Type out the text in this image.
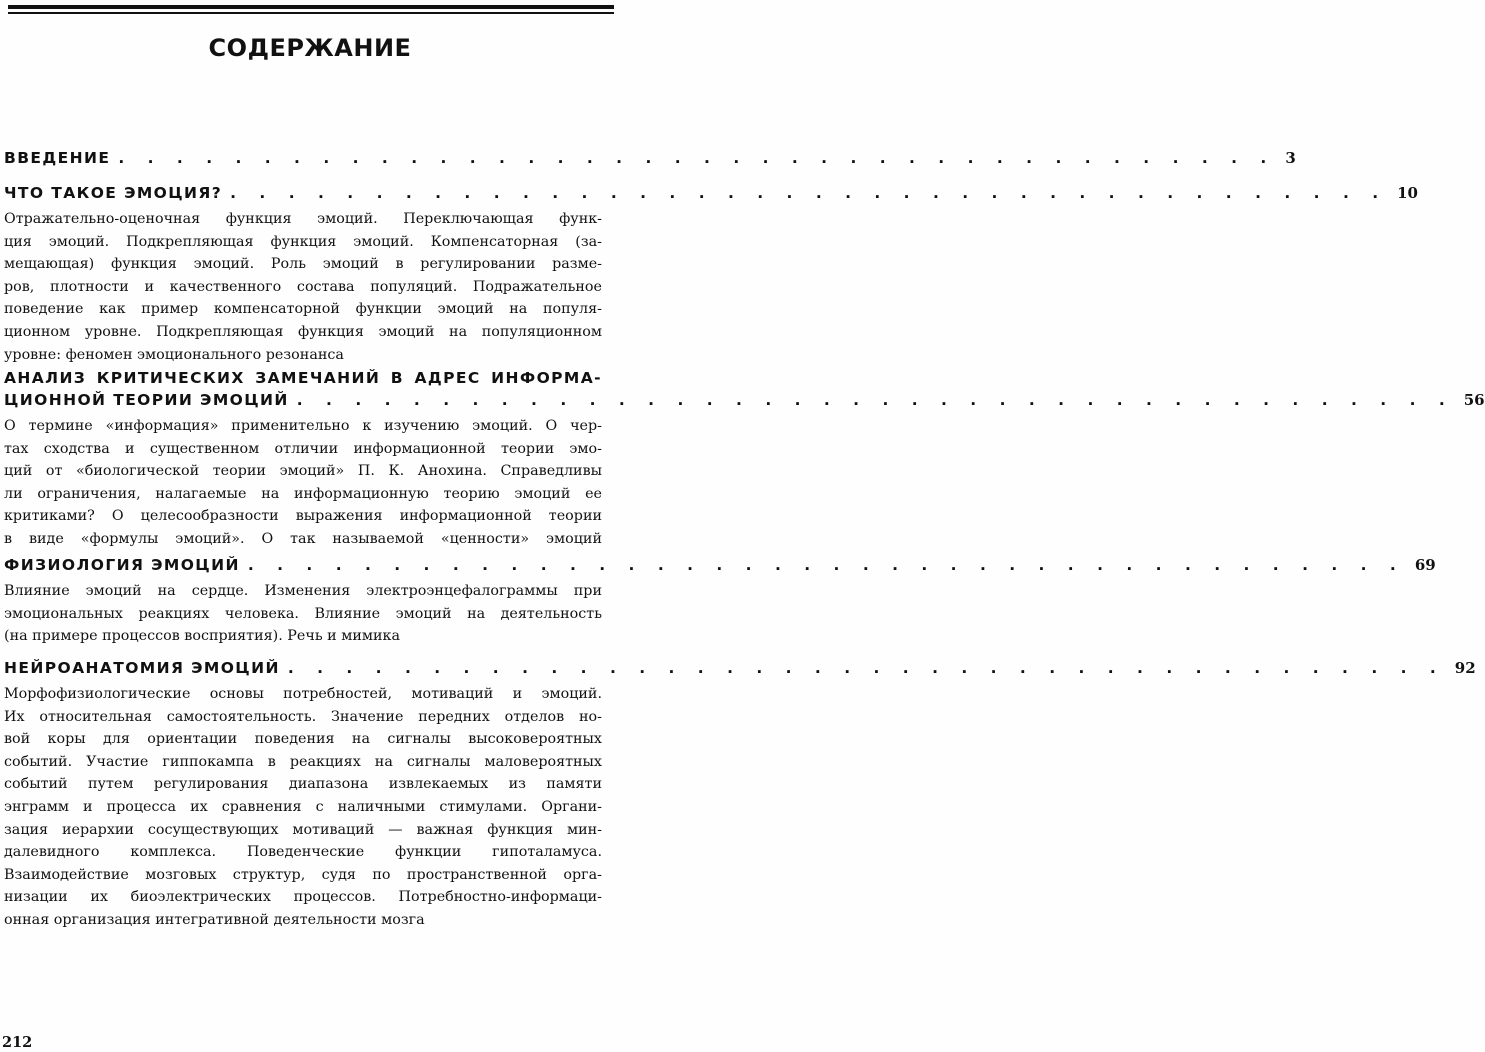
СОДЕРЖАНИЕ
ВВЕДЕНИЕ . . . . . . . . . . . . . . . . . . . . . . . . . . . . . . . . . . . . . . . . 3
ЧТО ТАКОЕ ЭМОЦИЯ? . . . . . . . . . . . . . . . . . . . . . . . . . . . . . . . . . . . . . . . . 10
Отражательно-оценочная функция эмоций. Переключающая функ-
ция эмоций. Подкрепляющая функция эмоций. Компенсаторная (за-
мещающая) функция эмоций. Роль эмоций в регулировании разме-
ров, плотности и качественного состава популяций. Подражательное
поведение как пример компенсаторной функции эмоций на популя-
ционном уровне. Подкрепляющая функция эмоций на популяционном
уровне: феномен эмоционального резонанса
АНАЛИЗ КРИТИЧЕСКИХ ЗАМЕЧАНИЙ В АДРЕС ИНФОРМА-
ЦИОННОЙ ТЕОРИИ ЭМОЦИЙ . . . . . . . . . . . . . . . . . . . . . . . . . . . . . . . . . . . . . . . . 56
О термине «информация» применительно к изучению эмоций. О чер-
тах сходства и существенном отличии информационной теории эмо-
ций от «биологической теории эмоций» П. К. Анохина. Справедливы
ли ограничения, налагаемые на информационную теорию эмоций ее
критиками? О целесообразности выражения информационной теории
в виде «формулы эмоций». О так называемой «ценности» эмоций
ФИЗИОЛОГИЯ ЭМОЦИЙ . . . . . . . . . . . . . . . . . . . . . . . . . . . . . . . . . . . . . . . . 69
Влияние эмоций на сердце. Изменения электроэнцефалограммы при
эмоциональных реакциях человека. Влияние эмоций на деятельность
(на примере процессов восприятия). Речь и мимика
НЕЙРОАНАТОМИЯ ЭМОЦИЙ . . . . . . . . . . . . . . . . . . . . . . . . . . . . . . . . . . . . . . . . 92
Морфофизиологические основы потребностей, мотиваций и эмоций.
Их относительная самостоятельность. Значение передних отделов но-
вой коры для ориентации поведения на сигналы высоковероятных
событий. Участие гиппокампа в реакциях на сигналы маловероятных
событий путем регулирования диапазона извлекаемых из памяти
энграмм и процесса их сравнения с наличными стимулами. Органи-
зация иерархии сосуществующих мотиваций — важная функция мин-
далевидного комплекса. Поведенческие функции гипоталамуса.
Взаимодействие мозговых структур, судя по пространственной орга-
низации их биоэлектрических процессов. Потребностно-информаци-
онная организация интегративной деятельности мозга
212
